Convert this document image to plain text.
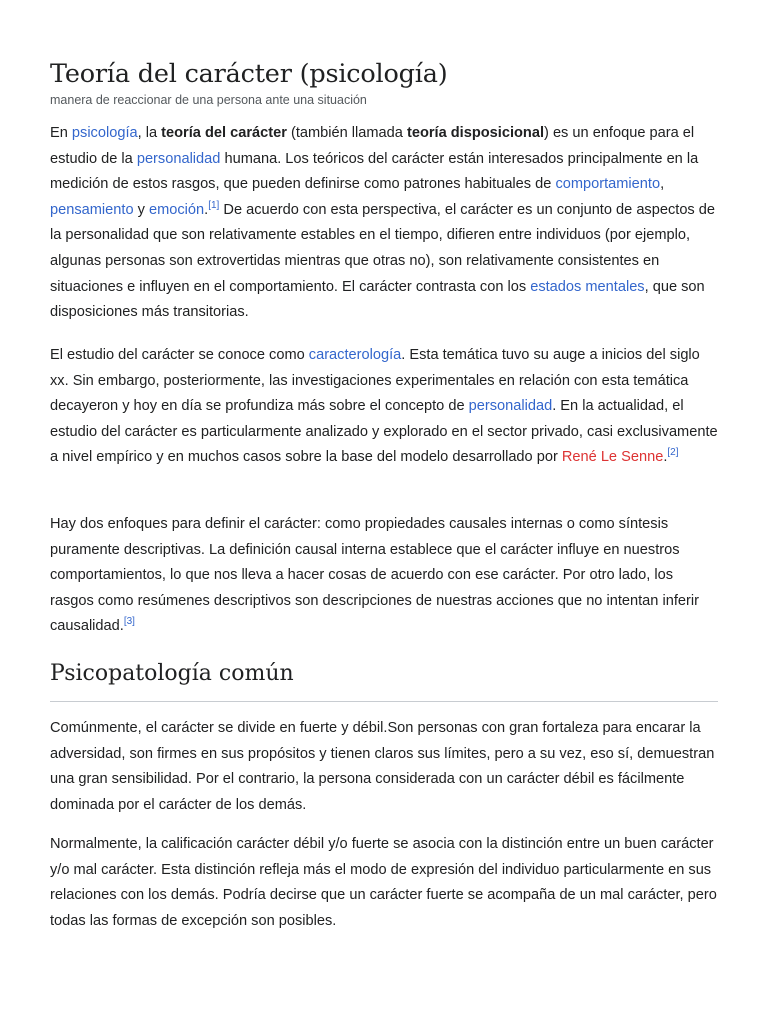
Teoría del carácter (psicología)
manera de reaccionar de una persona ante una situación

En psicología, la teoría del carácter (también llamada teoría disposicional) es un enfoque para el estudio de la personalidad humana. Los teóricos del carácter están interesados principalmente en la medición de estos rasgos, que pueden definirse como patrones habituales de comportamiento, pensamiento y emoción.[1] De acuerdo con esta perspectiva, el carácter es un conjunto de aspectos de la personalidad que son relativamente estables en el tiempo, difieren entre individuos (por ejemplo, algunas personas son extrovertidas mientras que otras no), son relativamente consistentes en situaciones e influyen en el comportamiento. El carácter contrasta con los estados mentales, que son disposiciones más transitorias.

El estudio del carácter se conoce como caracterología. Esta temática tuvo su auge a inicios del siglo xx. Sin embargo, posteriormente, las investigaciones experimentales en relación con esta temática decayeron y hoy en día se profundiza más sobre el concepto de personalidad. En la actualidad, el estudio del carácter es particularmente analizado y explorado en el sector privado, casi exclusivamente a nivel empírico y en muchos casos sobre la base del modelo desarrollado por René Le Senne.[2]

Hay dos enfoques para definir el carácter: como propiedades causales internas o como síntesis puramente descriptivas. La definición causal interna establece que el carácter influye en nuestros comportamientos, lo que nos lleva a hacer cosas de acuerdo con ese carácter. Por otro lado, los rasgos como resúmenes descriptivos son descripciones de nuestras acciones que no intentan inferir causalidad.[3]

Psicopatología común

Comúnmente, el carácter se divide en fuerte y débil.Son personas con gran fortaleza para encarar la adversidad, son firmes en sus propósitos y tienen claros sus límites, pero a su vez, eso sí, demuestran una gran sensibilidad. Por el contrario, la persona considerada con un carácter débil es fácilmente dominada por el carácter de los demás.

Normalmente, la calificación carácter débil y/o fuerte se asocia con la distinción entre un buen carácter y/o mal carácter. Esta distinción refleja más el modo de expresión del individuo particularmente en sus relaciones con los demás. Podría decirse que un carácter fuerte se acompaña de un mal carácter, pero todas las formas de excepción son posibles.
